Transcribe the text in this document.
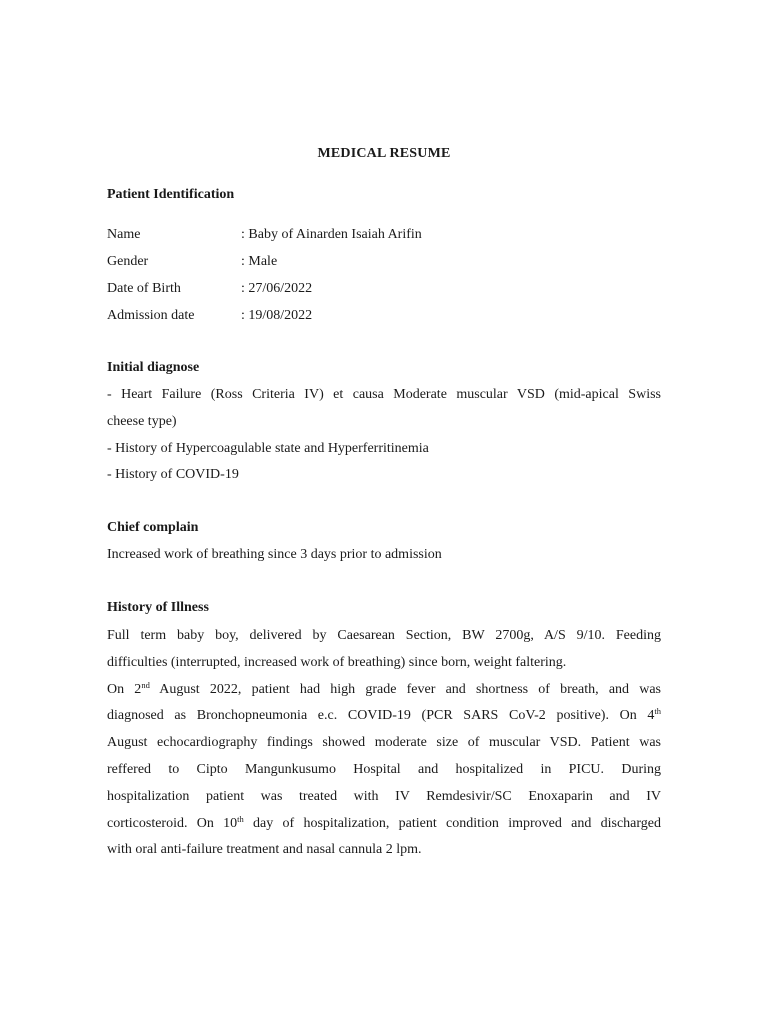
MEDICAL RESUME
Patient Identification
Name	: Baby of Ainarden Isaiah Arifin
Gender	: Male
Date of Birth	: 27/06/2022
Admission date	: 19/08/2022
Initial diagnose
- Heart Failure (Ross Criteria IV) et causa Moderate muscular VSD (mid-apical Swiss
cheese type)
- History of Hypercoagulable state and Hyperferritinemia
- History of COVID-19
Chief complain
Increased work of breathing since 3 days prior to admission
History of Illness
Full term baby boy, delivered by Caesarean Section, BW 2700g, A/S 9/10. Feeding
difficulties (interrupted, increased work of breathing) since born, weight faltering.
On 2nd August 2022, patient had high grade fever and shortness of breath, and was
diagnosed as Bronchopneumonia e.c. COVID-19 (PCR SARS CoV-2 positive). On 4th
August echocardiography findings showed moderate size of muscular VSD. Patient was
reffered to Cipto Mangunkusumo Hospital and hospitalized in PICU. During
hospitalization patient was treated with IV Remdesivir/SC Enoxaparin and IV
corticosteroid. On 10th day of hospitalization, patient condition improved and discharged
with oral anti-failure treatment and nasal cannula 2 lpm.
